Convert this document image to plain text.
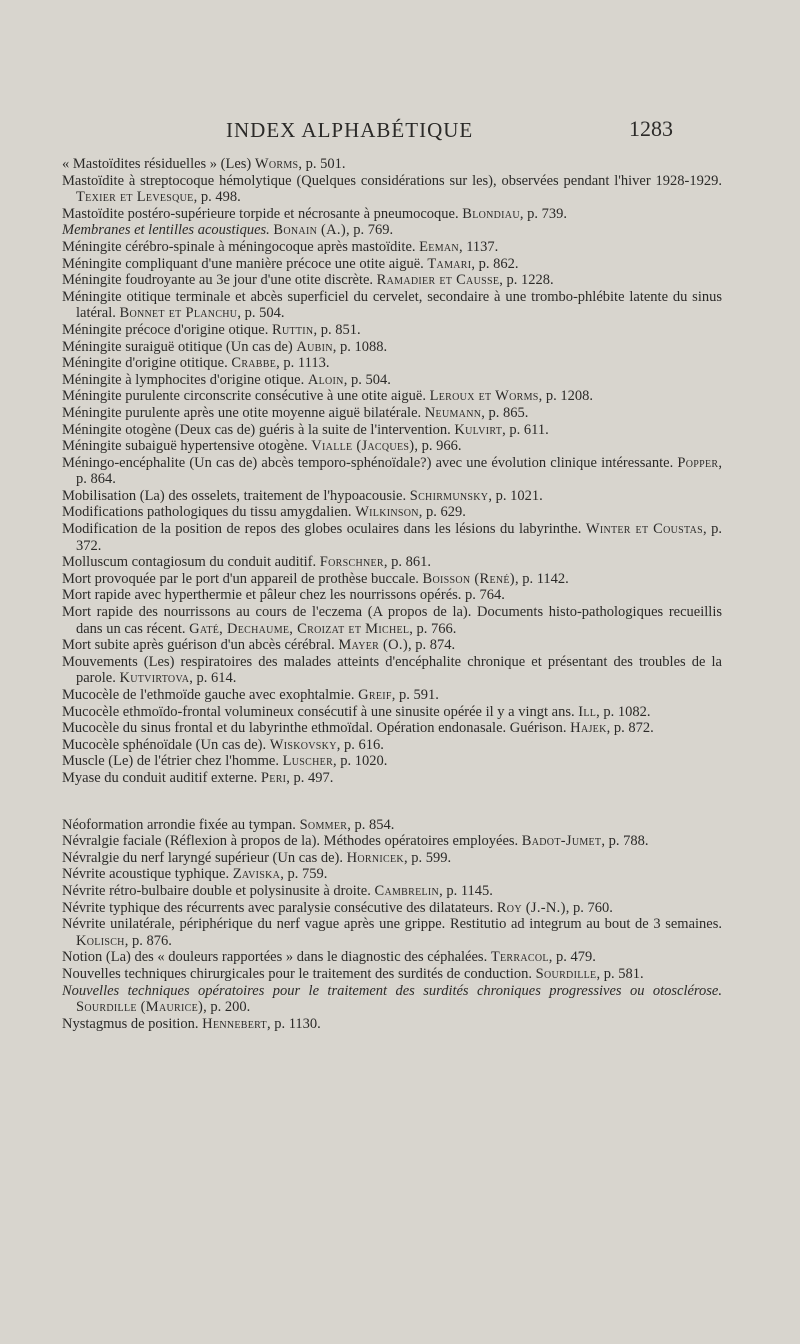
INDEX ALPHABÉTIQUE	1283
« Mastoïdites résiduelles » (Les) Worms, p. 501.
Mastoïdite à streptocoque hémolytique (Quelques considérations sur les), observées pendant l'hiver 1928-1929. Texier et Levesque, p. 498.
Mastoïdite postéro-supérieure torpide et nécrosante à pneumocoque. Blondiau, p. 739.
Membranes et lentilles acoustiques. Bonain (A.), p. 769.
Méningite cérébro-spinale à méningocoque après mastoïdite. Eeman, 1137.
Méningite compliquant d'une manière précoce une otite aiguë. Tamari, p. 862.
Méningite foudroyante au 3e jour d'une otite discrète. Ramadier et Causse, p. 1228.
Méningite otitique terminale et abcès superficiel du cervelet, secondaire à une trombo-phlébite latente du sinus latéral. Bonnet et Planchu, p. 504.
Méningite précoce d'origine otique. Ruttin, p. 851.
Méningite suraiguë otitique (Un cas de) Aubin, p. 1088.
Méningite d'origine otitique. Crabbe, p. 1113.
Méningite à lymphocites d'origine otique. Aloin, p. 504.
Méningite purulente circonscrite consécutive à une otite aiguë. Leroux et Worms, p. 1208.
Méningite purulente après une otite moyenne aiguë bilatérale. Neumann, p. 865.
Méningite otogène (Deux cas de) guéris à la suite de l'intervention. Kulvirt, p. 611.
Méningite subaiguë hypertensive otogène. Vialle (Jacques), p. 966.
Méningo-encéphalite (Un cas de) abcès temporo-sphénoïdale?) avec une évolution clinique intéressante. Popper, p. 864.
Mobilisation (La) des osselets, traitement de l'hypoacousie. Schirmunsky, p. 1021.
Modifications pathologiques du tissu amygdalien. Wilkinson, p. 629.
Modification de la position de repos des globes oculaires dans les lésions du labyrinthe. Winter et Coustas, p. 372.
Molluscum contagiosum du conduit auditif. Forschner, p. 861.
Mort provoquée par le port d'un appareil de prothèse buccale. Boisson (René), p. 1142.
Mort rapide avec hyperthermie et pâleur chez les nourrissons opérés. p. 764.
Mort rapide des nourrissons au cours de l'eczema (A propos de la). Documents histo-pathologiques recueillis dans un cas récent. Gaté, Dechaume, Croizat et Michel, p. 766.
Mort subite après guérison d'un abcès cérébral. Mayer (O.), p. 874.
Mouvements (Les) respiratoires des malades atteints d'encéphalite chronique et présentant des troubles de la parole. Kutvirtova, p. 614.
Mucocèle de l'ethmoïde gauche avec exophtalmie. Greif, p. 591.
Mucocèle ethmoïdo-frontal volumineux consécutif à une sinusite opérée il y a vingt ans. Ill, p. 1082.
Mucocèle du sinus frontal et du labyrinthe ethmoïdal. Opération endonasale. Guérison. Hajek, p. 872.
Mucocèle sphénoïdale (Un cas de). Wiskovsky, p. 616.
Muscle (Le) de l'étrier chez l'homme. Luscher, p. 1020.
Myase du conduit auditif externe. Peri, p. 497.
Néoformation arrondie fixée au tympan. Sommer, p. 854.
Névralgie faciale (Réflexion à propos de la). Méthodes opératoires employées. Badot-Jumet, p. 788.
Névralgie du nerf laryngé supérieur (Un cas de). Hornicek, p. 599.
Névrite acoustique typhique. Zaviska, p. 759.
Névrite rétro-bulbaire double et polysinusite à droite. Cambrelin, p. 1145.
Névrite typhique des récurrents avec paralysie consécutive des dilatateurs. Roy (J.-N.), p. 760.
Névrite unilatérale, périphérique du nerf vague après une grippe. Restitutio ad integrum au bout de 3 semaines. Kolisch, p. 876.
Notion (La) des « douleurs rapportées » dans le diagnostic des céphalées. Terracol, p. 479.
Nouvelles techniques chirurgicales pour le traitement des surdités de conduction. Sourdille, p. 581.
Nouvelles techniques opératoires pour le traitement des surdités chroniques progressives ou otosclérose. Sourdille (Maurice), p. 200.
Nystagmus de position. Hennebert, p. 1130.
